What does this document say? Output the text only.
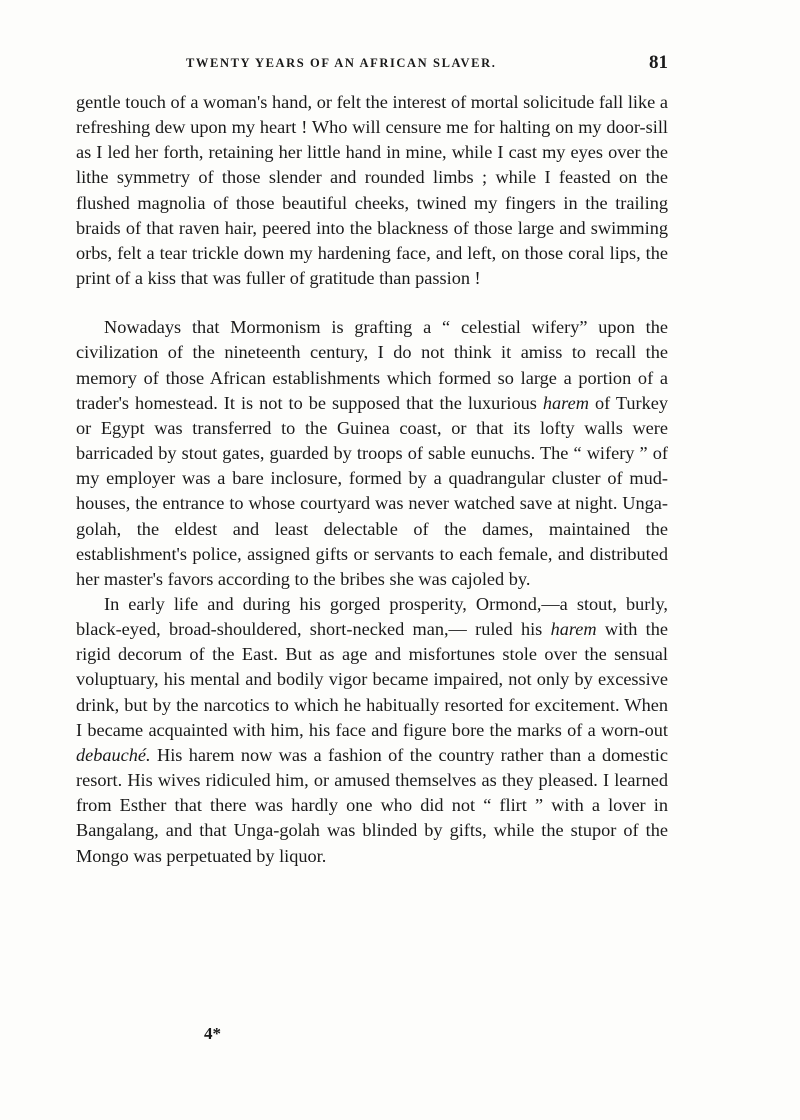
TWENTY YEARS OF AN AFRICAN SLAVER.	81

gentle touch of a woman's hand, or felt the interest of mortal solicitude fall like a refreshing dew upon my heart ! Who will censure me for halting on my door-sill as I led her forth, retaining her little hand in mine, while I cast my eyes over the lithe symmetry of those slender and rounded limbs ; while I feasted on the flushed magnolia of those beautiful cheeks, twined my fingers in the trailing braids of that raven hair, peered into the blackness of those large and swimming orbs, felt a tear trickle down my hardening face, and left, on those coral lips, the print of a kiss that was fuller of gratitude than passion !

Nowadays that Mormonism is grafting a “ celestial wifery” upon the civilization of the nineteenth century, I do not think it amiss to recall the memory of those African establishments which formed so large a portion of a trader's homestead. It is not to be supposed that the luxurious harem of Turkey or Egypt was transferred to the Guinea coast, or that its lofty walls were barricaded by stout gates, guarded by troops of sable eunuchs. The “ wifery ” of my employer was a bare inclosure, formed by a quadrangular cluster of mud-houses, the entrance to whose courtyard was never watched save at night. Unga-golah, the eldest and least delectable of the dames, maintained the establishment's police, assigned gifts or servants to each female, and distributed her master's favors according to the bribes she was cajoled by.

In early life and during his gorged prosperity, Ormond,—a stout, burly, black-eyed, broad-shouldered, short-necked man,— ruled his harem with the rigid decorum of the East. But as age and misfortunes stole over the sensual voluptuary, his mental and bodily vigor became impaired, not only by excessive drink, but by the narcotics to which he habitually resorted for excitement. When I became acquainted with him, his face and figure bore the marks of a worn-out debauché. His harem now was a fashion of the country rather than a domestic resort. His wives ridiculed him, or amused themselves as they pleased. I learned from Esther that there was hardly one who did not “ flirt ” with a lover in Bangalang, and that Unga-golah was blinded by gifts, while the stupor of the Mongo was perpetuated by liquor.

4*
